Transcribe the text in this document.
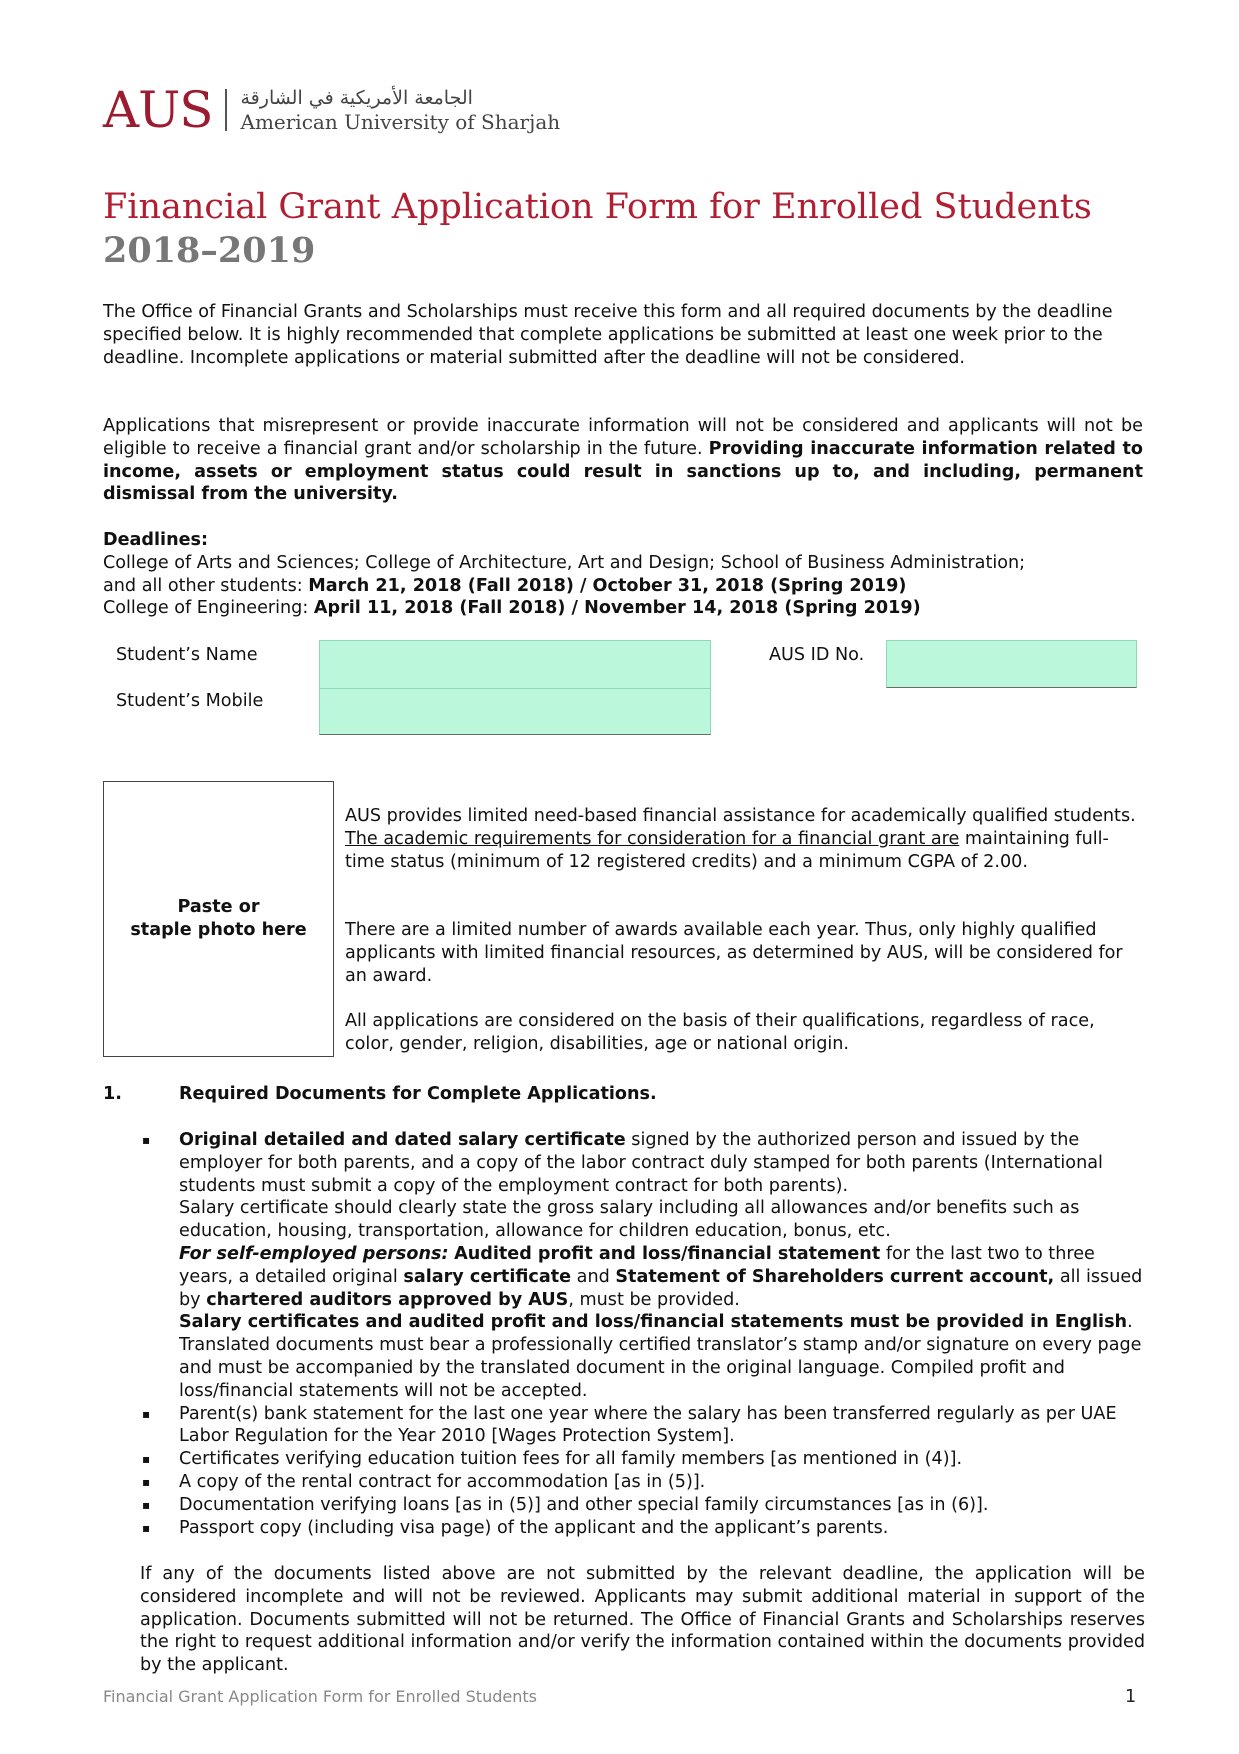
AUS الجامعة الأمريكية في الشارقة
American University of Sharjah
Financial Grant Application Form for Enrolled Students
2018–2019

The Office of Financial Grants and Scholarships must receive this form and all required documents by the deadline specified below. It is highly recommended that complete applications be submitted at least one week prior to the deadline. Incomplete applications or material submitted after the deadline will not be considered.

Applications that misrepresent or provide inaccurate information will not be considered and applicants will not be eligible to receive a financial grant and/or scholarship in the future. Providing inaccurate information related to income, assets or employment status could result in sanctions up to, and including, permanent dismissal from the university.

Deadlines:
College of Arts and Sciences; College of Architecture, Art and Design; School of Business Administration;
and all other students: March 21, 2018 (Fall 2018) / October 31, 2018 (Spring 2019)
College of Engineering: April 11, 2018 (Fall 2018) / November 14, 2018 (Spring 2019)

Student’s Name
Student’s Mobile
AUS ID No.
Paste or
staple photo here

AUS provides limited need-based financial assistance for academically qualified students. The academic requirements for consideration for a financial grant are maintaining full-time status (minimum of 12 registered credits) and a minimum CGPA of 2.00.

There are a limited number of awards available each year. Thus, only highly qualified applicants with limited financial resources, as determined by AUS, will be considered for an award.

All applications are considered on the basis of their qualifications, regardless of race, color, gender, religion, disabilities, age or national origin.

1.	Required Documents for Complete Applications.
▪ Original detailed and dated salary certificate signed by the authorized person and issued by the employer for both parents, and a copy of the labor contract duly stamped for both parents (International students must submit a copy of the employment contract for both parents).
Salary certificate should clearly state the gross salary including all allowances and/or benefits such as education, housing, transportation, allowance for children education, bonus, etc.
For self-employed persons: Audited profit and loss/financial statement for the last two to three years, a detailed original salary certificate and Statement of Shareholders current account, all issued by chartered auditors approved by AUS, must be provided.
Salary certificates and audited profit and loss/financial statements must be provided in English. Translated documents must bear a professionally certified translator’s stamp and/or signature on every page and must be accompanied by the translated document in the original language. Compiled profit and loss/financial statements will not be accepted.
▪ Parent(s) bank statement for the last one year where the salary has been transferred regularly as per UAE Labor Regulation for the Year 2010 [Wages Protection System].
▪ Certificates verifying education tuition fees for all family members [as mentioned in (4)].
▪ A copy of the rental contract for accommodation [as in (5)].
▪ Documentation verifying loans [as in (5)] and other special family circumstances [as in (6)].
▪ Passport copy (including visa page) of the applicant and the applicant’s parents.

If any of the documents listed above are not submitted by the relevant deadline, the application will be considered incomplete and will not be reviewed. Applicants may submit additional material in support of the application. Documents submitted will not be returned. The Office of Financial Grants and Scholarships reserves the right to request additional information and/or verify the information contained within the documents provided by the applicant.

Financial Grant Application Form for Enrolled Students	1
